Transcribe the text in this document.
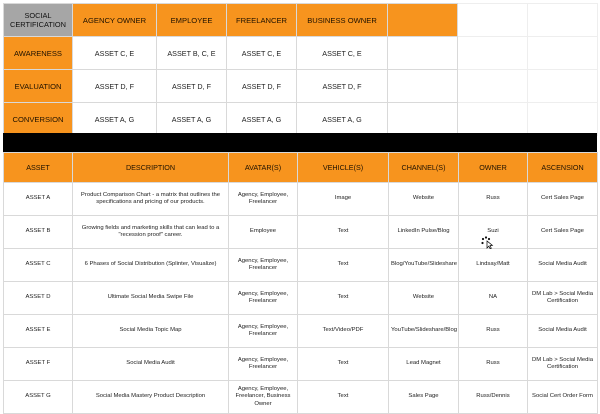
SOCIAL CERTIFICATION	AGENCY OWNER	EMPLOYEE	FREELANCER	BUSINESS OWNER			
AWARENESS	ASSET C, E	ASSET B, C, E	ASSET C, E	ASSET C, E			
EVALUATION	ASSET D, F	ASSET D, F	ASSET D, F	ASSET D, F			
CONVERSION	ASSET A, G	ASSET A, G	ASSET A, G	ASSET A, G			
ASSET	DESCRIPTION	AVATAR(S)	VEHICLE(S)	CHANNEL(S)	OWNER	ASCENSION
ASSET A	Product Comparison Chart - a matrix that outlines the specifications and pricing of our products.	Agency, Employee, Freelancer	Image	Website	Russ	Cert Sales Page
ASSET B	Growing fields and marketing skills that can lead to a "recession proof" career.	Employee	Text	LinkedIn Pulse/Blog	Suzi	Cert Sales Page
ASSET C	6 Phases of Social Distribution (Splinter, Visualize)	Agency, Employee, Freelancer	Text	Blog/YouTube/Slideshare	Lindsay/Matt	Social Media Audit
ASSET D	Ultimate Social Media Swipe File	Agency, Employee, Freelancer	Text	Website	NA	DM Lab > Social Media Certification
ASSET E	Social Media Topic Map	Agency, Employee, Freelancer	Text/Video/PDF	YouTube/Slideshare/Blog	Russ	Social Media Audit
ASSET F	Social Media Audit	Agency, Employee, Freelancer	Text	Lead Magnet	Russ	DM Lab > Social Media Certification
ASSET G	Social Media Mastery Product Description	Agency, Employee, Freelancer, Business Owner	Text	Sales Page	Russ/Dennis	Social Cert Order Form
